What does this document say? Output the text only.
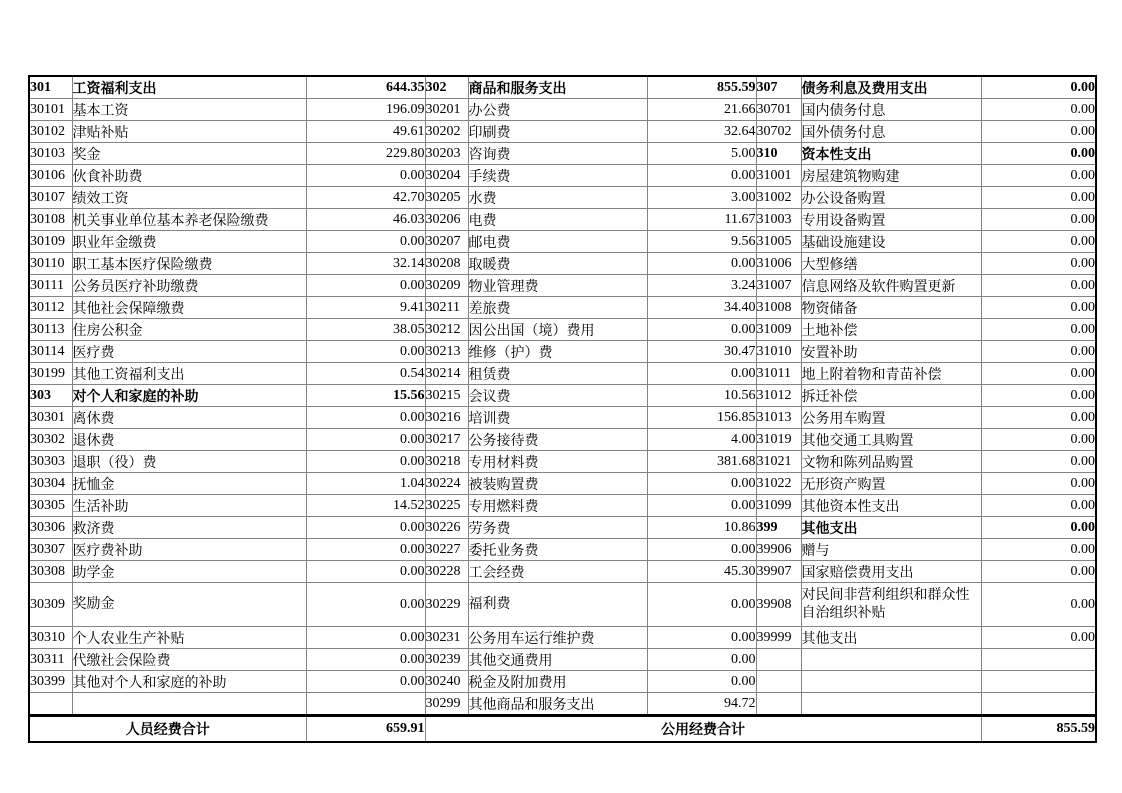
301	工资福利支出	644.35	302	商品和服务支出	855.59	307	债务利息及费用支出	0.00
30101	基本工资	196.09	30201	办公费	21.66	30701	国内债务付息	0.00
30102	津贴补贴	49.61	30202	印刷费	32.64	30702	国外债务付息	0.00
30103	奖金	229.80	30203	咨询费	5.00	310	资本性支出	0.00
30106	伙食补助费	0.00	30204	手续费	0.00	31001	房屋建筑物购建	0.00
30107	绩效工资	42.70	30205	水费	3.00	31002	办公设备购置	0.00
30108	机关事业单位基本养老保险缴费	46.03	30206	电费	11.67	31003	专用设备购置	0.00
30109	职业年金缴费	0.00	30207	邮电费	9.56	31005	基础设施建设	0.00
30110	职工基本医疗保险缴费	32.14	30208	取暖费	0.00	31006	大型修缮	0.00
30111	公务员医疗补助缴费	0.00	30209	物业管理费	3.24	31007	信息网络及软件购置更新	0.00
30112	其他社会保障缴费	9.41	30211	差旅费	34.40	31008	物资储备	0.00
30113	住房公积金	38.05	30212	因公出国（境）费用	0.00	31009	土地补偿	0.00
30114	医疗费	0.00	30213	维修（护）费	30.47	31010	安置补助	0.00
30199	其他工资福利支出	0.54	30214	租赁费	0.00	31011	地上附着物和青苗补偿	0.00
303	对个人和家庭的补助	15.56	30215	会议费	10.56	31012	拆迁补偿	0.00
30301	离休费	0.00	30216	培训费	156.85	31013	公务用车购置	0.00
30302	退休费	0.00	30217	公务接待费	4.00	31019	其他交通工具购置	0.00
30303	退职（役）费	0.00	30218	专用材料费	381.68	31021	文物和陈列品购置	0.00
30304	抚恤金	1.04	30224	被装购置费	0.00	31022	无形资产购置	0.00
30305	生活补助	14.52	30225	专用燃料费	0.00	31099	其他资本性支出	0.00
30306	救济费	0.00	30226	劳务费	10.86	399	其他支出	0.00
30307	医疗费补助	0.00	30227	委托业务费	0.00	39906	赠与	0.00
30308	助学金	0.00	30228	工会经费	45.30	39907	国家赔偿费用支出	0.00
30309	奖励金	0.00	30229	福利费	0.00	39908	对民间非营利组织和群众性自治组织补贴	0.00
30310	个人农业生产补贴	0.00	30231	公务用车运行维护费	0.00	39999	其他支出	0.00
30311	代缴社会保险费	0.00	30239	其他交通费用	0.00			
30399	其他对个人和家庭的补助	0.00	30240	税金及附加费用	0.00			
			30299	其他商品和服务支出	94.72			
人员经费合计		659.91	公用经费合计					855.59
